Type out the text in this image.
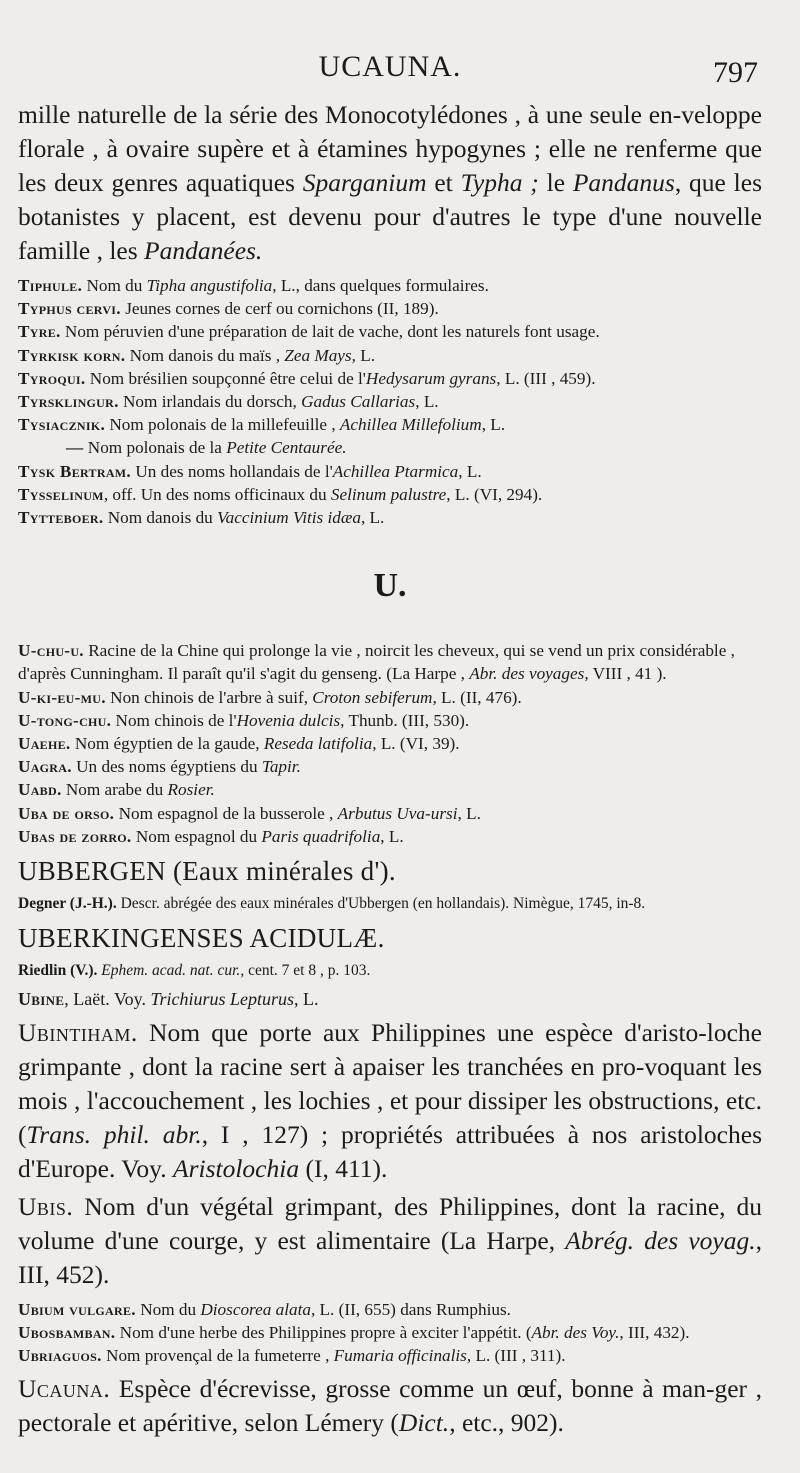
UCAUNA.	797

mille naturelle de la série des Monocotylédones , à une seule en-veloppe florale , à ovaire supère et à étamines hypogynes ; elle ne renferme que les deux genres aquatiques Sparganium et Typha ; le Pandanus, que les botanistes y placent, est devenu pour d'autres le type d'une nouvelle famille , les Pandanées.

Tiphule. Nom du Tipha angustifolia, L., dans quelques formulaires.

Typhus cervi. Jeunes cornes de cerf ou cornichons (II, 189).

Tyre. Nom péruvien d'une préparation de lait de vache, dont les naturels font usage.

Tyrkisk korn. Nom danois du maïs , Zea Mays, L.

Tyroqui. Nom brésilien soupçonné être celui de l'Hedysarum gyrans, L. (III , 459).

Tyrsklingur. Nom irlandais du dorsch, Gadus Callarias, L.

Tysiacznik. Nom polonais de la millefeuille , Achillea Millefolium, L.

— Nom polonais de la Petite Centaurée.

Tysk Bertram. Un des noms hollandais de l'Achillea Ptarmica, L.

Tysselinum, off. Un des noms officinaux du Selinum palustre, L. (VI, 294).

Tytteboer. Nom danois du Vaccinium Vitis idæa, L.

U.

U-chu-u. Racine de la Chine qui prolonge la vie , noircit les cheveux, qui se vend un prix considérable , d'après Cunningham. Il paraît qu'il s'agit du genseng. (La Harpe , Abr. des voyages, VIII , 41 ).

U-ki-eu-mu. Non chinois de l'arbre à suif, Croton sebiferum, L. (II, 476).

U-tong-chu. Nom chinois de l'Hovenia dulcis, Thunb. (III, 530).

Uaehe. Nom égyptien de la gaude, Reseda latifolia, L. (VI, 39).

Uagra. Un des noms égyptiens du Tapir.

Uabd. Nom arabe du Rosier.

Uba de orso. Nom espagnol de la busserole , Arbutus Uva-ursi, L.

Ubas de zorro. Nom espagnol du Paris quadrifolia, L.

UBBERGEN (Eaux minérales d').

Degner (J.-H.). Descr. abrégée des eaux minérales d'Ubbergen (en hollandais). Nimègue, 1745, in-8.

UBERKINGENSES ACIDULÆ.

Riedlin (V.). Ephem. acad. nat. cur., cent. 7 et 8 , p. 103.

Ubine, Laët. Voy. Trichiurus Lepturus, L.

Ubintiham. Nom que porte aux Philippines une espèce d'aristo-loche grimpante , dont la racine sert à apaiser les tranchées en pro-voquant les mois , l'accouchement , les lochies , et pour dissiper les obstructions, etc. (Trans. phil. abr., I , 127) ; propriétés attribuées à nos aristoloches d'Europe. Voy. Aristolochia (I, 411).

Ubis. Nom d'un végétal grimpant, des Philippines, dont la racine, du volume d'une courge, y est alimentaire (La Harpe, Abrég. des voyag., III, 452).

Ubium vulgare. Nom du Dioscorea alata, L. (II, 655) dans Rumphius.

Ubosbamban. Nom d'une herbe des Philippines propre à exciter l'appétit. (Abr. des Voy., III, 432).

Ubriaguos. Nom provençal de la fumeterre , Fumaria officinalis, L. (III , 311).

Ucauna. Espèce d'écrevisse, grosse comme un œuf, bonne à man-ger , pectorale et apéritive, selon Lémery (Dict., etc., 902).
